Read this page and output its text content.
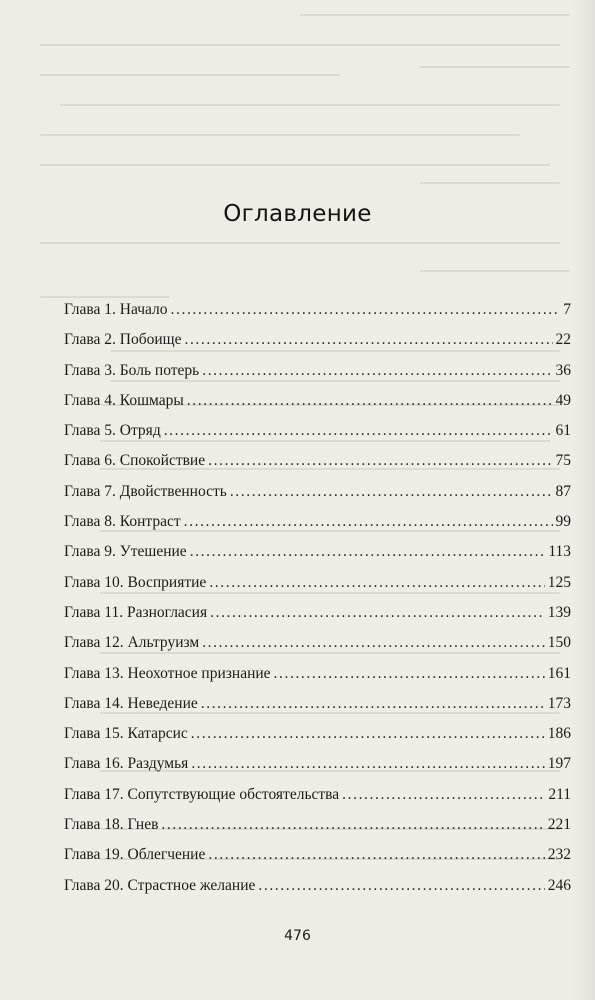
Оглавление
Глава 1. Начало .....	7
Глава 2. Побоище .....	22
Глава 3. Боль потерь .....	36
Глава 4. Кошмары .....	49
Глава 5. Отряд .....	61
Глава 6. Спокойствие .....	75
Глава 7. Двойственность .....	87
Глава 8. Контраст .....	99
Глава 9. Утешение .....	113
Глава 10. Восприятие .....	125
Глава 11. Разногласия .....	139
Глава 12. Альтруизм .....	150
Глава 13. Неохотное признание .....	161
Глава 14. Неведение .....	173
Глава 15. Катарсис .....	186
Глава 16. Раздумья .....	197
Глава 17. Сопутствующие обстоятельства .....	211
Глава 18. Гнев .....	221
Глава 19. Облегчение .....	232
Глава 20. Страстное желание .....	246
476
